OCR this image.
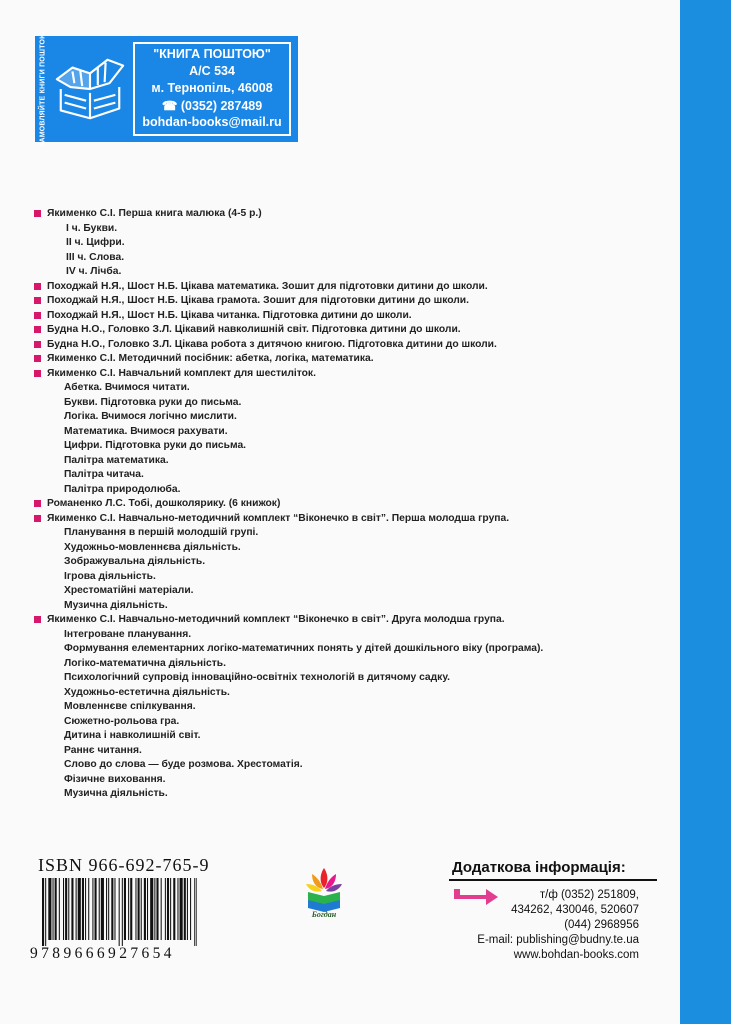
ЗАМОВЛЯЙТЕ КНИГИ ПОШТОЮ:	"КНИГА ПОШТОЮ"
А/С 534
м. Тернопіль, 46008
☎ (0352) 287489
bohdan-books@mail.ru
Якименко С.І. Перша книга малюка (4-5 р.)
І ч. Букви.
ІІ ч. Цифри.
ІІІ ч. Слова.
ІV ч. Лічба.
Походжай Н.Я., Шост Н.Б. Цікава математика. Зошит для підготовки дитини до школи.
Походжай Н.Я., Шост Н.Б. Цікава грамота. Зошит для підготовки дитини до школи.
Походжай Н.Я., Шост Н.Б. Цікава читанка. Підготовка дитини до школи.
Будна Н.О., Головко З.Л. Цікавий навколишній світ. Підготовка дитини до школи.
Будна Н.О., Головко З.Л. Цікава робота з дитячою книгою. Підготовка дитини до школи.
Якименко С.І. Методичний посібник: абетка, логіка, математика.
Якименко С.І. Навчальний комплект для шестиліток.
Абетка. Вчимося читати.
Букви. Підготовка руки до письма.
Логіка. Вчимося логічно мислити.
Математика. Вчимося рахувати.
Цифри. Підготовка руки до письма.
Палітра математика.
Палітра читача.
Палітра природолюба.
Романенко Л.С. Тобі, дошколярику. (6 книжок)
Якименко С.І. Навчально-методичний комплект “Віконечко в світ”. Перша молодша група.
Планування в першій молодшій групі.
Художньо-мовленнєва діяльність.
Зображувальна діяльність.
Ігрова діяльність.
Хрестоматійні матеріали.
Музична діяльність.
Якименко С.І. Навчально-методичний комплект “Віконечко в світ”. Друга молодша група.
Інтегроване планування.
Формування елементарних логіко-математичних понять у дітей дошкільного віку (програма).
Логіко-математична діяльність.
Психологічний супровід інноваційно-освітніх технологій в дитячому садку.
Художньо-естетична діяльність.
Мовленнєве спілкування.
Сюжетно-рольова гра.
Дитина і навколишній світ.
Раннє читання.
Слово до слова — буде розмова. Хрестоматія.
Фізичне виховання.
Музична діяльність.
ISBN 966-692-765-9
9789666927654
Богдан
Додаткова інформація:
т/ф (0352) 251809,
434262, 430046, 520607
(044) 2968956
E-mail: publishing@budny.te.ua
www.bohdan-books.com
